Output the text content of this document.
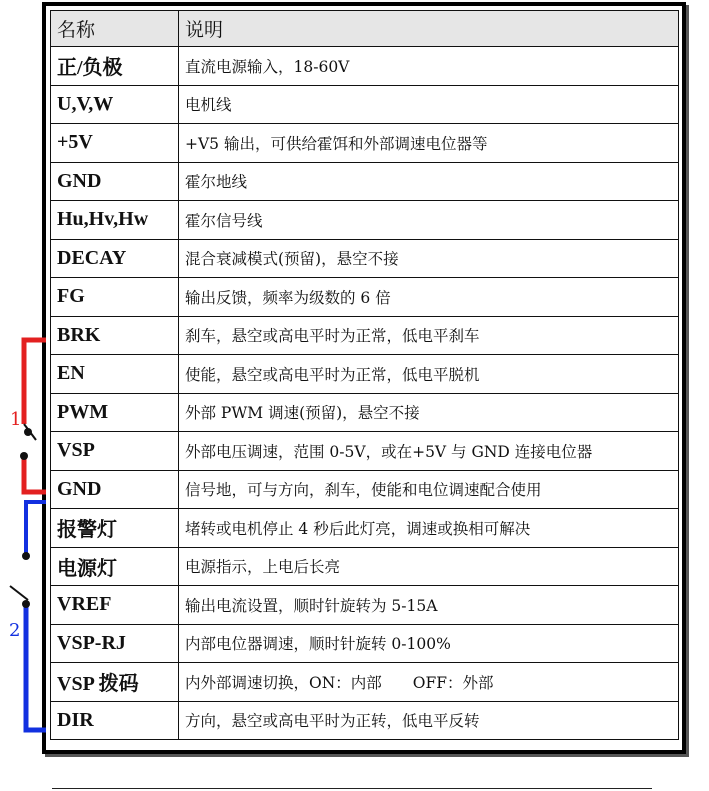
名称	说明
正/负极	直流电源输入，18-60V
U,V,W	电机线
+5V	+V5 输出，可供给霍饵和外部调速电位器等
GND	霍尔地线
Hu,Hv,Hw	霍尔信号线
DECAY	混合衰减模式(预留)，悬空不接
FG	输出反馈，频率为级数的 6 倍
BRK	刹车，悬空或高电平时为正常，低电平刹车
EN	使能，悬空或高电平时为正常，低电平脱机
PWM	外部 PWM 调速(预留)，悬空不接
VSP	外部电压调速，范围 0-5V，或在+5V 与 GND 连接电位器
GND	信号地，可与方向，刹车，使能和电位调速配合使用
报警灯	堵转或电机停止 4 秒后此灯亮，调速或换相可解决
电源灯	电源指示，上电后长亮
VREF	输出电流设置，顺时针旋转为 5-15A
VSP-RJ	内部电位器调速，顺时针旋转 0-100%
VSP 拨码	内外部调速切换，ON：内部　　OFF：外部
DIR	方向，悬空或高电平时为正转，低电平反转
1
2
